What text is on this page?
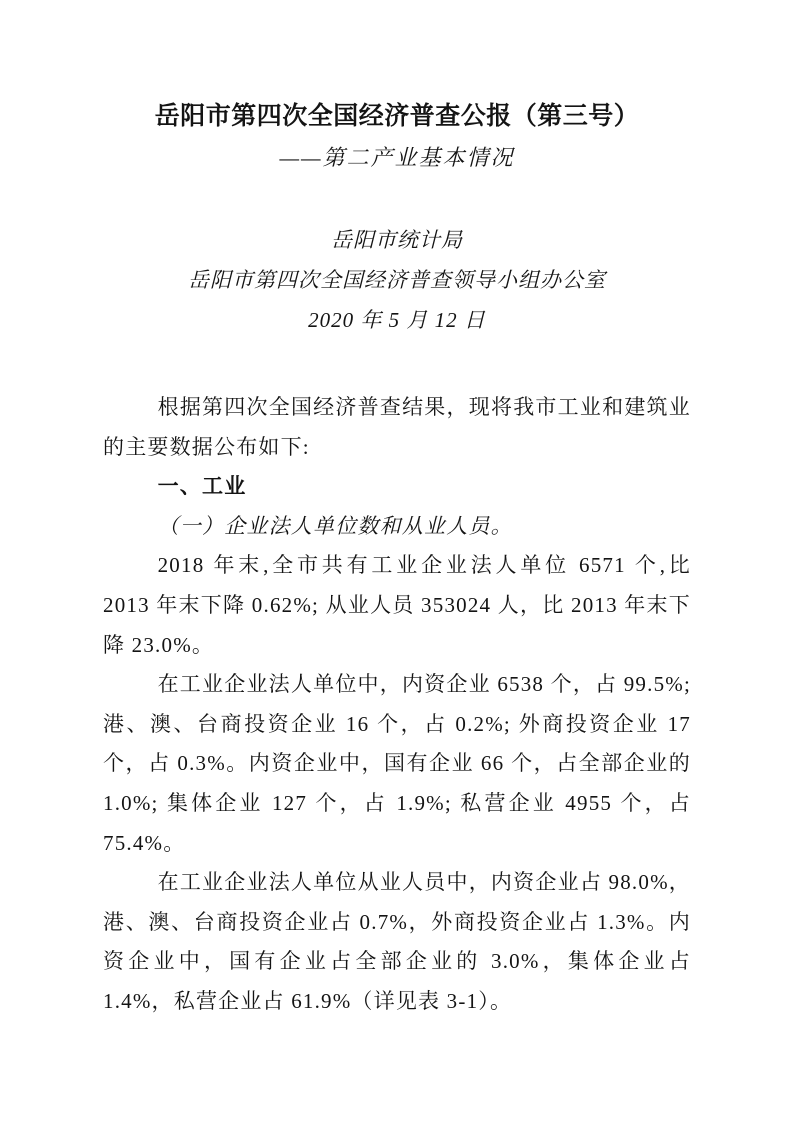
岳阳市第四次全国经济普查公报（第三号）
——第二产业基本情况

岳阳市统计局

岳阳市第四次全国经济普查领导小组办公室

2020 年 5 月 12 日

根据第四次全国经济普查结果，现将我市工业和建筑业的主要数据公布如下:

一、工业

（一）企业法人单位数和从业人员。

2018 年末,全市共有工业企业法人单位 6571 个,比 2013 年末下降 0.62%; 从业人员 353024 人，比 2013 年末下降 23.0%。

在工业企业法人单位中，内资企业 6538 个，占 99.5%; 港、澳、台商投资企业 16 个，占 0.2%; 外商投资企业 17 个，占 0.3%。内资企业中，国有企业 66 个，占全部企业的 1.0%; 集体企业 127 个，占 1.9%; 私营企业 4955 个，占 75.4%。

在工业企业法人单位从业人员中，内资企业占 98.0%，港、澳、台商投资企业占 0.7%，外商投资企业占 1.3%。内资企业中，国有企业占全部企业的 3.0%，集体企业占 1.4%，私营企业占 61.9%（详见表 3-1）。
